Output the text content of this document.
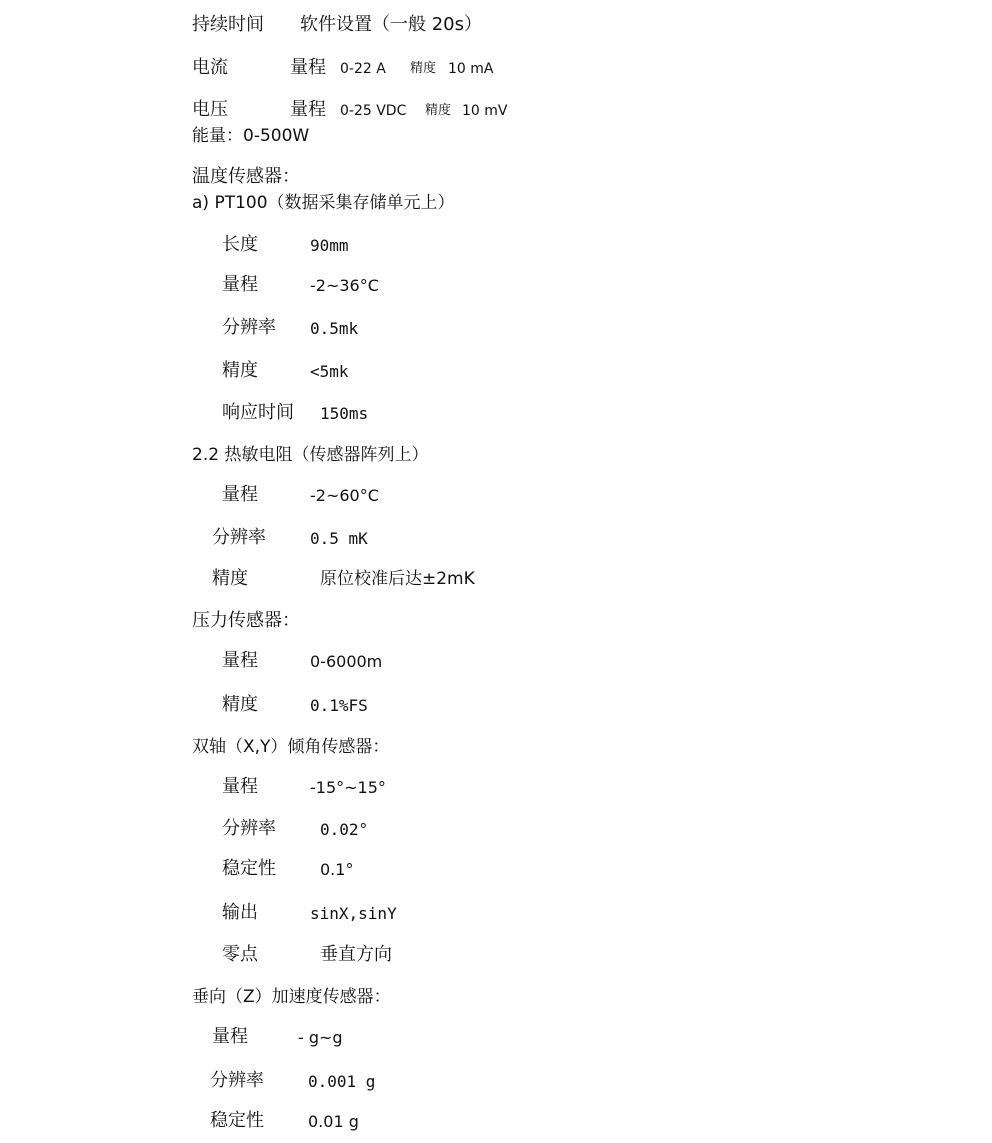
持续时间 软件设置（一般 20s）
电流	量程 0-22 A 精度 10 mA
电压	量程 0-25 VDC 精度 10 mV
能量：0-500W
温度传感器：
a) PT100（数据采集存储单元上）
长度	90mm
量程	-2~36°C
分辨率 0.5mk
精度	<5mk
响应时间 150ms
2.2 热敏电阻（传感器阵列上）
量程	-2~60°C
分辨率	0.5 mK
精度	原位校准后达±2mK
压力传感器：
量程	0-6000m
精度	0.1%FS
双轴（X,Y）倾角传感器：
量程	-15°~15°
分辨率	0.02°
稳定性	0.1°
输出	sinX,sinY
零点	垂直方向
垂向（Z）加速度传感器：
量程	- g~g
分辨率	0.001 g
稳定性	0.01 g
